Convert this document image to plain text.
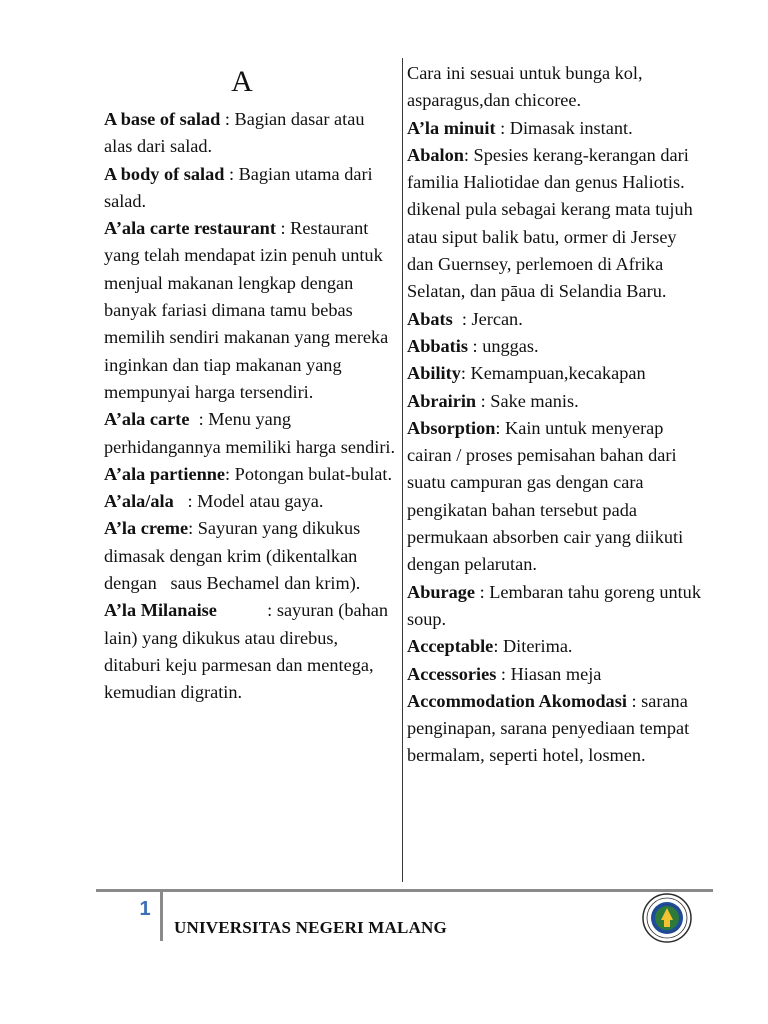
A

A base of salad : Bagian dasar atau alas dari salad.

A body of salad : Bagian utama dari salad.

A’ala carte restaurant : Restaurant yang telah mendapat izin penuh untuk menjual makanan lengkap dengan banyak fariasi dimana tamu bebas memilih sendiri makanan yang mereka inginkan dan tiap makanan yang mempunyai harga tersendiri.

A’ala carte  : Menu yang perhidangannya memiliki harga sendiri.

A’ala partienne: Potongan bulat-bulat.

A’ala/ala   : Model atau gaya.

A’la creme: Sayuran yang dikukus dimasak dengan krim (dikentalkan dengan   saus Bechamel dan krim).

A’la Milanaise           : sayuran (bahan lain) yang dikukus atau direbus, ditaburi keju parmesan dan mentega, kemudian digratin.

Cara ini sesuai untuk bunga kol, asparagus,dan chicoree.

A’la minuit : Dimasak instant.

Abalon: Spesies kerang-kerangan dari familia Haliotidae dan genus Haliotis. dikenal pula sebagai kerang mata tujuh atau siput balik batu, ormer di Jersey dan Guernsey, perlemoen di Afrika Selatan, dan pāua di Selandia Baru.

Abats  : Jercan.

Abbatis : unggas.

Ability: Kemampuan,kecakapan

Abrairin : Sake manis.

Absorption: Kain untuk menyerap cairan / proses pemisahan bahan dari suatu campuran gas dengan cara pengikatan bahan tersebut pada permukaan absorben cair yang diikuti dengan pelarutan.

Aburage : Lembaran tahu goreng untuk soup.

Acceptable: Diterima.

Accessories : Hiasan meja

Accommodation Akomodasi : sarana penginapan, sarana penyediaan tempat bermalam, seperti hotel, losmen.

1
UNIVERSITAS NEGERI MALANG
